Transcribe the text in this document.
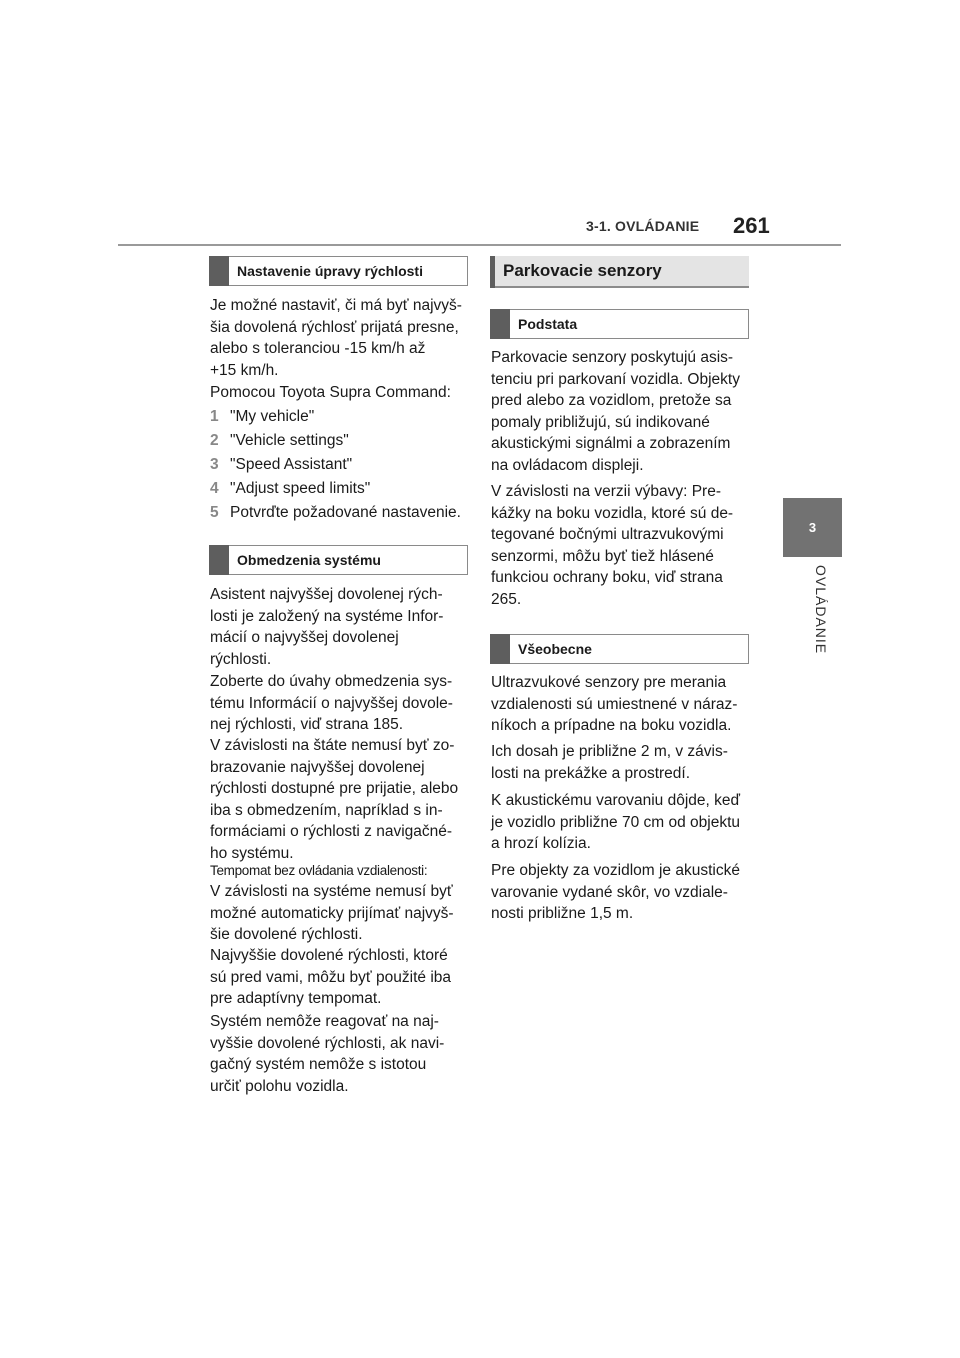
3-1. OVLÁDANIE 261
3
OVLÁDANIE
Nastavenie úpravy rýchlosti
Je možné nastaviť, či má byť najvyš-
šia dovolená rýchlosť prijatá presne,
alebo s toleranciou -15 km/h až
+15 km/h.
Pomocou Toyota Supra Command:
1 "My vehicle"
2 "Vehicle settings"
3 "Speed Assistant"
4 "Adjust speed limits"
5 Potvrďte požadované nastavenie.
Obmedzenia systému
Asistent najvyššej dovolenej rých-
losti je založený na systéme Infor-
mácií o najvyššej dovolenej
rýchlosti.
Zoberte do úvahy obmedzenia sys-
tému Informácií o najvyššej dovole-
nej rýchlosti, viď strana 185.
V závislosti na štáte nemusí byť zo-
brazovanie najvyššej dovolenej
rýchlosti dostupné pre prijatie, alebo
iba s obmedzením, napríklad s in-
formáciami o rýchlosti z navigačné-
ho systému.
Tempomat bez ovládania vzdialenosti:
V závislosti na systéme nemusí byť
možné automaticky prijímať najvyš-
šie dovolené rýchlosti.
Najvyššie dovolené rýchlosti, ktoré
sú pred vami, môžu byť použité iba
pre adaptívny tempomat.
Systém nemôže reagovať na naj-
vyššie dovolené rýchlosti, ak navi-
gačný systém nemôže s istotou
určiť polohu vozidla.
Parkovacie senzory
Podstata
Parkovacie senzory poskytujú asis-
tenciu pri parkovaní vozidla. Objekty
pred alebo za vozidlom, pretože sa
pomaly približujú, sú indikované
akustickými signálmi a zobrazením
na ovládacom displeji.
V závislosti na verzii výbavy: Pre-
kážky na boku vozidla, ktoré sú de-
tegované bočnými ultrazvukovými
senzormi, môžu byť tiež hlásené
funkciou ochrany boku, viď strana
265.
Všeobecne
Ultrazvukové senzory pre merania
vzdialenosti sú umiestnené v náraz-
níkoch a prípadne na boku vozidla.
Ich dosah je približne 2 m, v závis-
losti na prekážke a prostredí.
K akustickému varovaniu dôjde, keď
je vozidlo približne 70 cm od objektu
a hrozí kolízia.
Pre objekty za vozidlom je akustické
varovanie vydané skôr, vo vzdiale-
nosti približne 1,5 m.
